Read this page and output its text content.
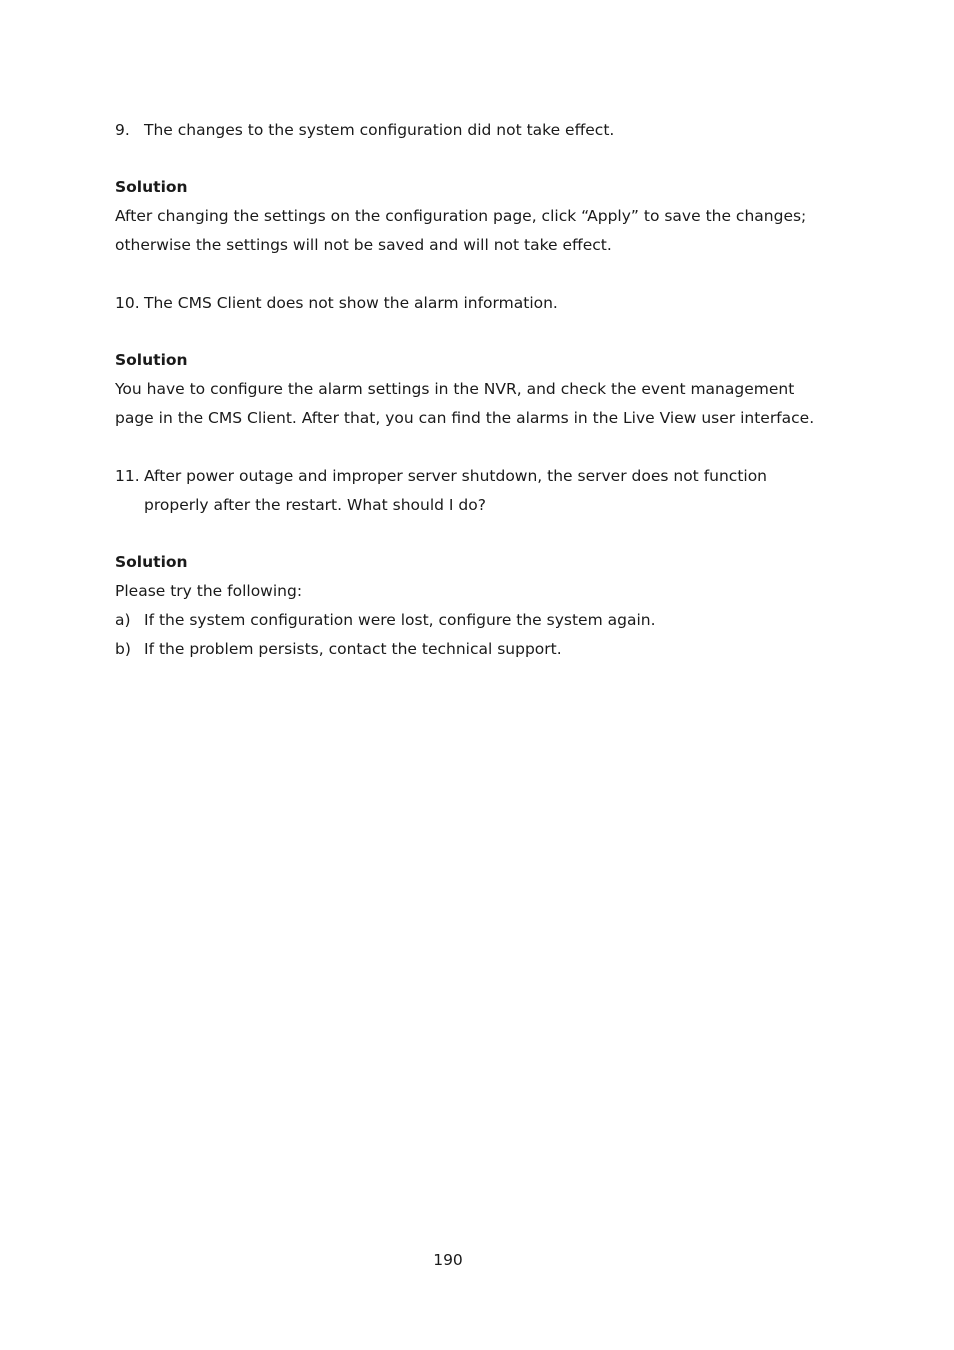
9. The changes to the system configuration did not take effect.
Solution
After changing the settings on the configuration page, click “Apply” to save the changes;
otherwise the settings will not be saved and will not take effect.
10. The CMS Client does not show the alarm information.
Solution
You have to configure the alarm settings in the NVR, and check the event management
page in the CMS Client. After that, you can find the alarms in the Live View user interface.
11. After power outage and improper server shutdown, the server does not function
properly after the restart. What should I do?
Solution
Please try the following:
a) If the system configuration were lost, configure the system again.
b) If the problem persists, contact the technical support.
190
